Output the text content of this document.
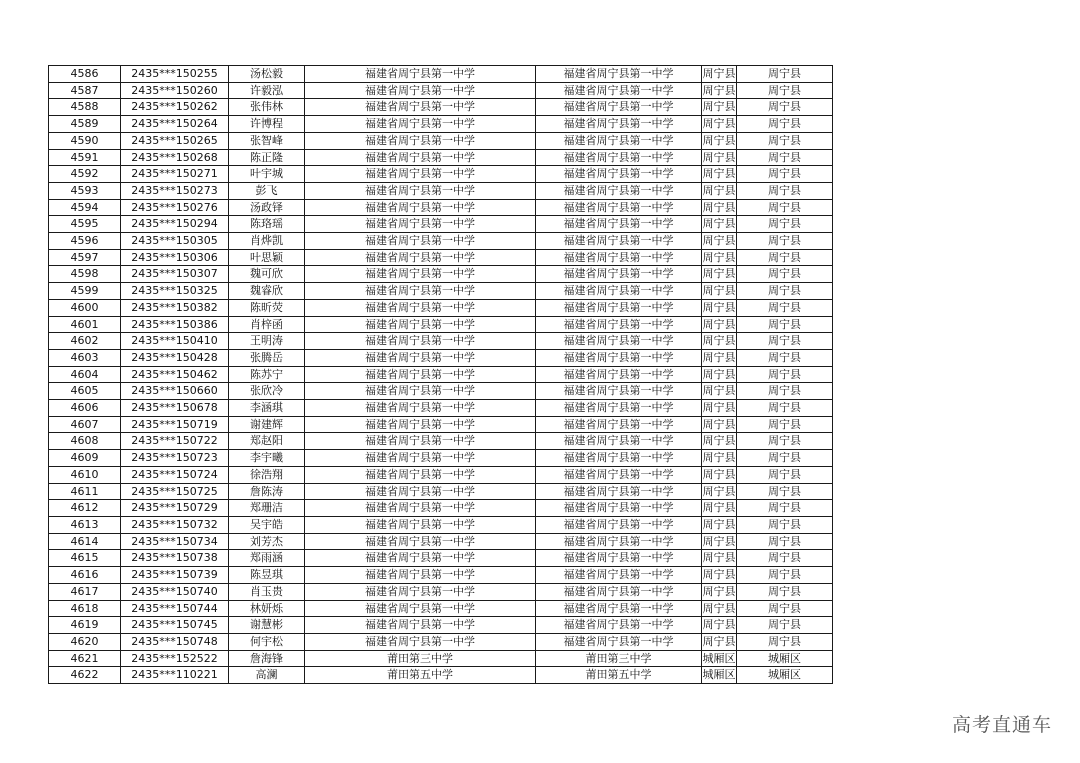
4586	2435***150255	汤松毅	福建省周宁县第一中学	福建省周宁县第一中学	周宁县	周宁县
4587	2435***150260	许毅泓	福建省周宁县第一中学	福建省周宁县第一中学	周宁县	周宁县
4588	2435***150262	张伟林	福建省周宁县第一中学	福建省周宁县第一中学	周宁县	周宁县
4589	2435***150264	许博程	福建省周宁县第一中学	福建省周宁县第一中学	周宁县	周宁县
4590	2435***150265	张智峰	福建省周宁县第一中学	福建省周宁县第一中学	周宁县	周宁县
4591	2435***150268	陈正隆	福建省周宁县第一中学	福建省周宁县第一中学	周宁县	周宁县
4592	2435***150271	叶宇城	福建省周宁县第一中学	福建省周宁县第一中学	周宁县	周宁县
4593	2435***150273	彭飞	福建省周宁县第一中学	福建省周宁县第一中学	周宁县	周宁县
4594	2435***150276	汤政铎	福建省周宁县第一中学	福建省周宁县第一中学	周宁县	周宁县
4595	2435***150294	陈珞瑶	福建省周宁县第一中学	福建省周宁县第一中学	周宁县	周宁县
4596	2435***150305	肖烨凯	福建省周宁县第一中学	福建省周宁县第一中学	周宁县	周宁县
4597	2435***150306	叶思颖	福建省周宁县第一中学	福建省周宁县第一中学	周宁县	周宁县
4598	2435***150307	魏可欣	福建省周宁县第一中学	福建省周宁县第一中学	周宁县	周宁县
4599	2435***150325	魏睿欣	福建省周宁县第一中学	福建省周宁县第一中学	周宁县	周宁县
4600	2435***150382	陈昕荧	福建省周宁县第一中学	福建省周宁县第一中学	周宁县	周宁县
4601	2435***150386	肖梓函	福建省周宁县第一中学	福建省周宁县第一中学	周宁县	周宁县
4602	2435***150410	王明涛	福建省周宁县第一中学	福建省周宁县第一中学	周宁县	周宁县
4603	2435***150428	张腾岳	福建省周宁县第一中学	福建省周宁县第一中学	周宁县	周宁县
4604	2435***150462	陈苏宁	福建省周宁县第一中学	福建省周宁县第一中学	周宁县	周宁县
4605	2435***150660	张欣冷	福建省周宁县第一中学	福建省周宁县第一中学	周宁县	周宁县
4606	2435***150678	李涵琪	福建省周宁县第一中学	福建省周宁县第一中学	周宁县	周宁县
4607	2435***150719	谢建辉	福建省周宁县第一中学	福建省周宁县第一中学	周宁县	周宁县
4608	2435***150722	郑赵阳	福建省周宁县第一中学	福建省周宁县第一中学	周宁县	周宁县
4609	2435***150723	李宇曦	福建省周宁县第一中学	福建省周宁县第一中学	周宁县	周宁县
4610	2435***150724	徐浩翔	福建省周宁县第一中学	福建省周宁县第一中学	周宁县	周宁县
4611	2435***150725	詹陈涛	福建省周宁县第一中学	福建省周宁县第一中学	周宁县	周宁县
4612	2435***150729	郑珊洁	福建省周宁县第一中学	福建省周宁县第一中学	周宁县	周宁县
4613	2435***150732	吴宇皓	福建省周宁县第一中学	福建省周宁县第一中学	周宁县	周宁县
4614	2435***150734	刘芳杰	福建省周宁县第一中学	福建省周宁县第一中学	周宁县	周宁县
4615	2435***150738	郑雨涵	福建省周宁县第一中学	福建省周宁县第一中学	周宁县	周宁县
4616	2435***150739	陈昱琪	福建省周宁县第一中学	福建省周宁县第一中学	周宁县	周宁县
4617	2435***150740	肖玉贵	福建省周宁县第一中学	福建省周宁县第一中学	周宁县	周宁县
4618	2435***150744	林妍烁	福建省周宁县第一中学	福建省周宁县第一中学	周宁县	周宁县
4619	2435***150745	谢慧彬	福建省周宁县第一中学	福建省周宁县第一中学	周宁县	周宁县
4620	2435***150748	何宇松	福建省周宁县第一中学	福建省周宁县第一中学	周宁县	周宁县
4621	2435***152522	詹海锋	莆田第三中学	莆田第三中学	城厢区	城厢区
4622	2435***110221	高澜	莆田第五中学	莆田第五中学	城厢区	城厢区
高考直通车
